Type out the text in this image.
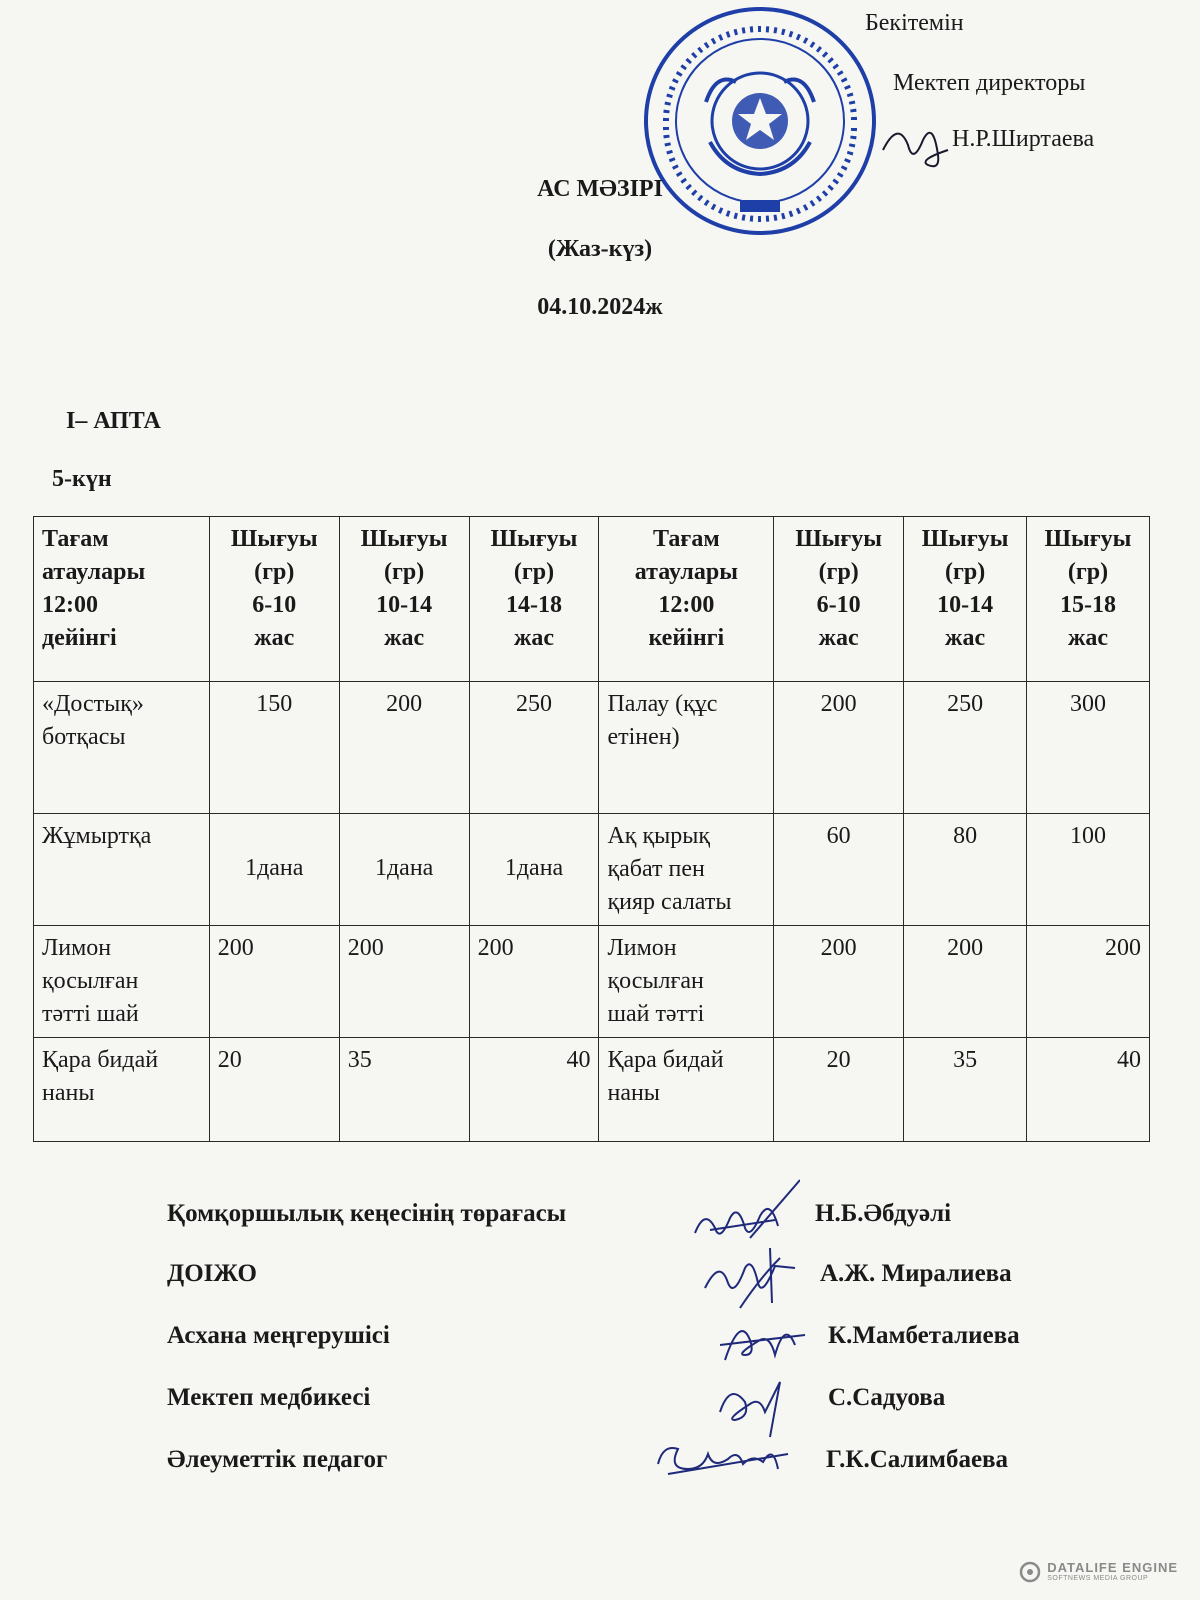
Бекітемін
Мектеп директоры
Н.Р.Ширтаева
АС МӘЗІРІ
(Жаз-күз)
04.10.2024ж
І– АПТА
5-күн
Тағам
атаулары
12:00
дейінгі	Шығуы
(гр)
6-10
жас	Шығуы
(гр)
10-14
жас	Шығуы
(гр)
14-18
жас	Тағам
атаулары
12:00
кейінгі	Шығуы
(гр)
6-10
жас	Шығуы
(гр)
10-14
жас	Шығуы
(гр)
15-18
жас
«Достық»
ботқасы	150	200	250	Палау (құс
етінен)	200	250	300
Жұмыртқа	1дана	1дана	1дана	Ақ қырық
қабат пен
қияр салаты	60	80	100
Лимон
қосылған
тәтті шай	200	200	200	Лимон
қосылған
шай тәтті	200	200	200
Қара бидай
наны	20	35	40	Қара бидай
наны	20	35	40
Қомқоршылық кеңесінің төрағасы	Н.Б.Әбдуәлі
ДОІЖО	А.Ж. Миралиева
Асхана меңгерушісі	К.Мамбеталиева
Мектеп медбикесі	С.Садуова
Әлеуметтік педагог	Г.К.Салимбаева
DATALIFE ENGINE
SOFTNEWS MEDIA GROUP
